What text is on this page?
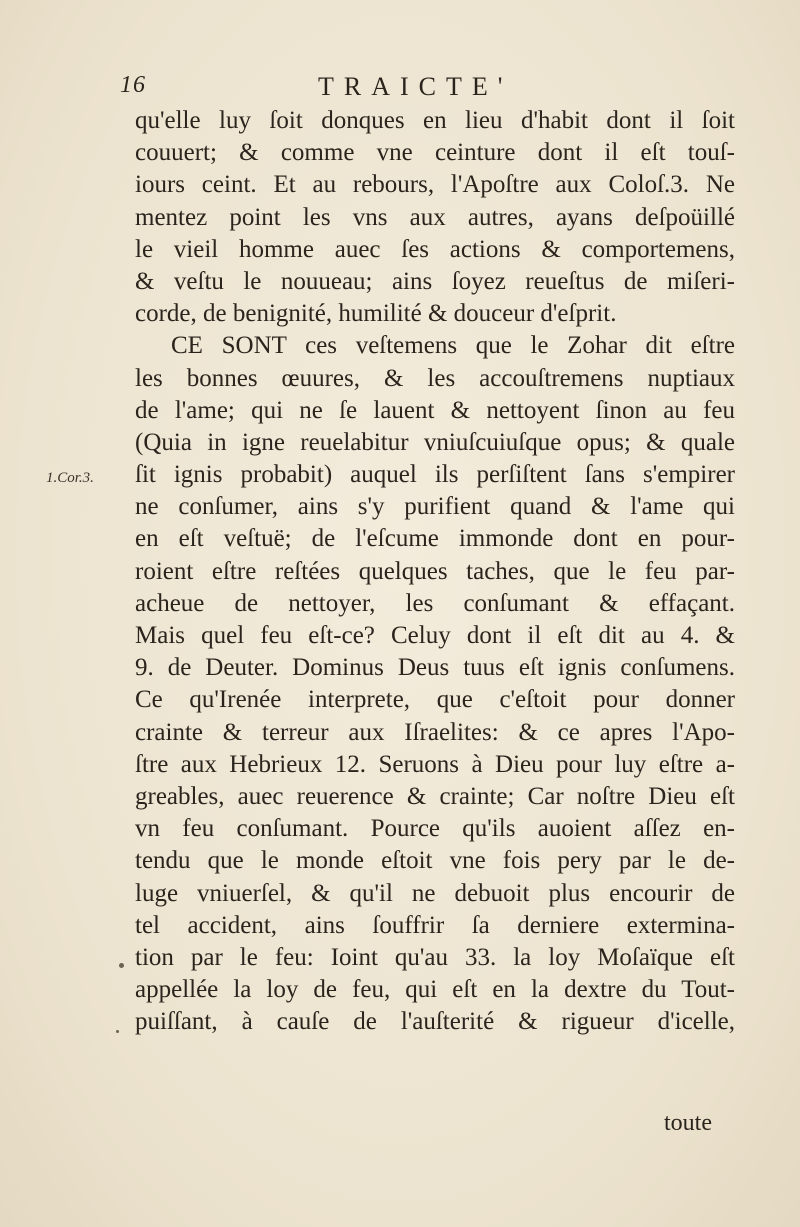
16	TRAICTE'
1.Cor.3.
qu'elle luy ſoit donques en lieu d'habit dont il ſoit
couuert; & comme vne ceinture dont il eſt touſ-
iours ceint. Et au rebours, l'Apoſtre aux Coloſ.3. Ne
mentez point les vns aux autres, ayans deſpoüillé
le vieil homme auec ſes actions & comportemens,
& veſtu le nouueau; ains ſoyez reueſtus de miſeri-
corde, de benignité, humilité & douceur d'eſprit.
CE SONT ces veſtemens que le Zohar dit eſtre
les bonnes œuures, & les accouſtremens nuptiaux
de l'ame; qui ne ſe lauent & nettoyent ſinon au feu
(Quia in igne reuelabitur vniuſcuiuſque opus; & quale
ſit ignis probabit) auquel ils perſiſtent ſans s'empirer
ne conſumer, ains s'y purifient quand & l'ame qui
en eſt veſtuë; de l'eſcume immonde dont en pour-
roient eſtre reſtées quelques taches, que le feu par-
acheue de nettoyer, les conſumant & effaçant.
Mais quel feu eſt-ce? Celuy dont il eſt dit au 4. &
9. de Deuter. Dominus Deus tuus eſt ignis conſumens.
Ce qu'Irenée interprete, que c'eſtoit pour donner
crainte & terreur aux Iſraelites: & ce apres l'Apo-
ſtre aux Hebrieux 12. Seruons à Dieu pour luy eſtre a-
greables, auec reuerence & crainte; Car noſtre Dieu eſt
vn feu conſumant. Pource qu'ils auoient aſſez en-
tendu que le monde eſtoit vne fois pery par le de-
luge vniuerſel, & qu'il ne debuoit plus encourir de
tel accident, ains ſouffrir ſa derniere extermina-
tion par le feu: Ioint qu'au 33. la loy Moſaïque eſt
appellée la loy de feu, qui eſt en la dextre du Tout-
puiſſant, à cauſe de l'auſterité & rigueur d'icelle,
toute
